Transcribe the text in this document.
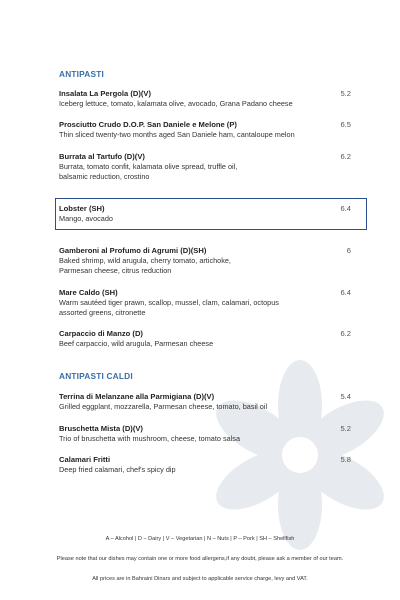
ANTIPASTI
Insalata La Pergola (D)(V)	5.2
Iceberg lettuce, tomato, kalamata olive, avocado, Grana Padano cheese
Prosciutto Crudo D.O.P. San Daniele e Melone (P)	6.5
Thin sliced twenty-two months aged San Daniele ham, cantaloupe melon
Burrata al Tartufo (D)(V)	6.2
Burrata, tomato confit, kalamata olive spread, truffle oil,
balsamic reduction, crostino
Lobster (SH)	6.4
Mango, avocado
Gamberoni al Profumo di Agrumi (D)(SH)	6
Baked shrimp, wild arugula, cherry tomato, artichoke,
Parmesan cheese, citrus reduction
Mare Caldo (SH)	6.4
Warm sautéed tiger prawn, scallop, mussel, clam, calamari, octopus
assorted greens, citronette
Carpaccio di Manzo (D)	6.2
Beef carpaccio, wild arugula, Parmesan cheese
ANTIPASTI CALDI
Terrina di Melanzane alla Parmigiana (D)(V)	5.4
Grilled eggplant, mozzarella, Parmesan cheese, tomato, basil oil
Bruschetta Mista (D)(V)	5.2
Trio of bruschetta with mushroom, cheese, tomato salsa
Calamari Fritti	5.8
Deep fried calamari, chef's spicy dip
A – Alcohol | D – Dairy | V – Vegetarian | N – Nuts | P – Pork | SH – Shellfish
Please note that our dishes may contain one or more food allergens,if any doubt, please ask a member of our team.
All prices are in Bahraini Dinars and subject to applicable service charge, levy and VAT.
